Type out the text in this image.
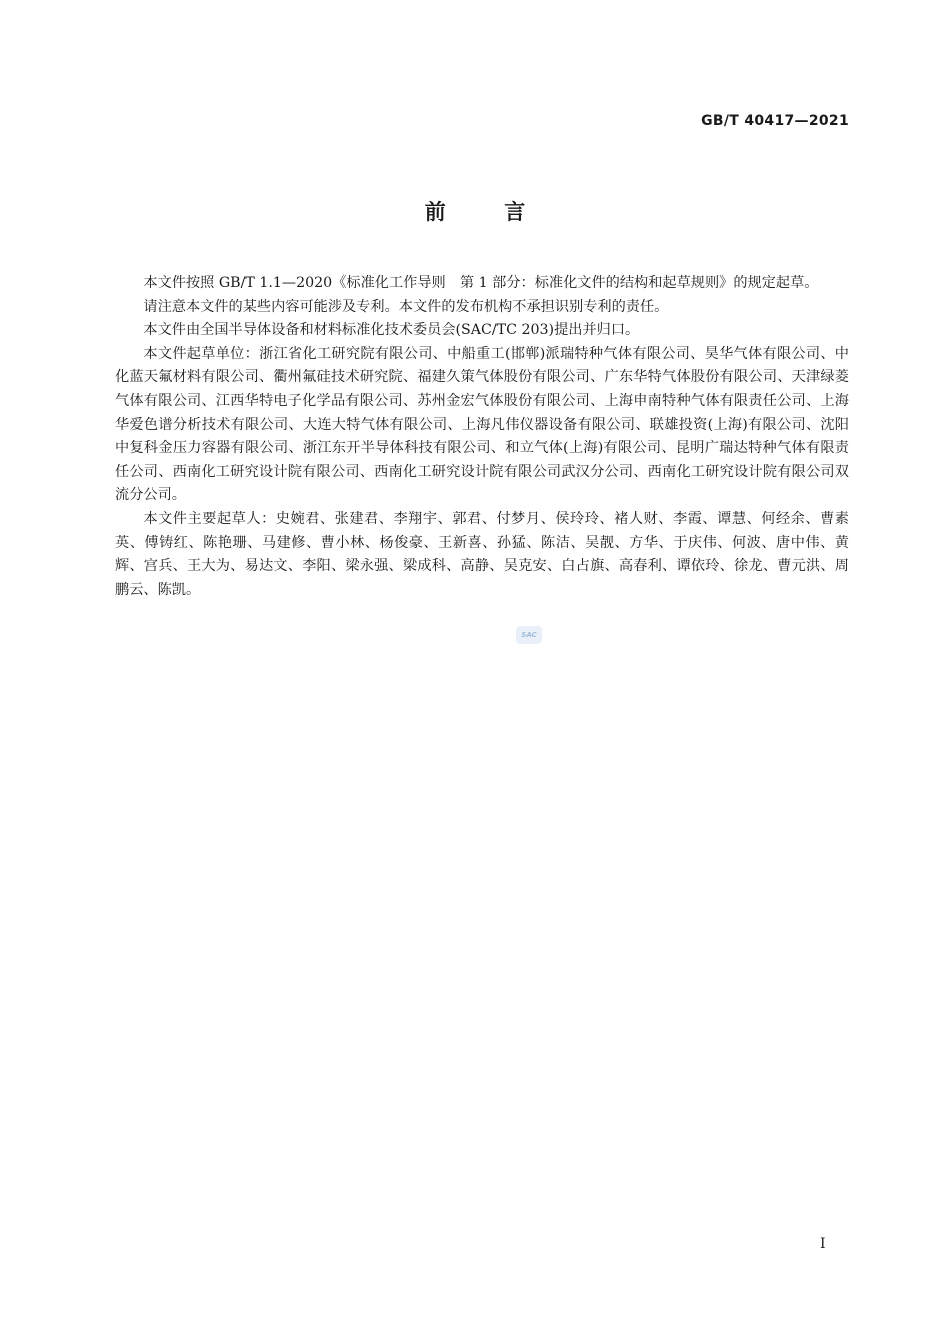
GB/T 40417—2021
前        言

本文件按照 GB/T 1.1—2020《标准化工作导则　第 1 部分：标准化文件的结构和起草规则》的规定起草。

请注意本文件的某些内容可能涉及专利。本文件的发布机构不承担识别专利的责任。

本文件由全国半导体设备和材料标准化技术委员会(SAC/TC 203)提出并归口。

本文件起草单位：浙江省化工研究院有限公司、中船重工(邯郸)派瑞特种气体有限公司、昊华气体有限公司、中化蓝天氟材料有限公司、衢州氟硅技术研究院、福建久策气体股份有限公司、广东华特气体股份有限公司、天津绿菱气体有限公司、江西华特电子化学品有限公司、苏州金宏气体股份有限公司、上海申南特种气体有限责任公司、上海华爱色谱分析技术有限公司、大连大特气体有限公司、上海凡伟仪器设备有限公司、联雄投资(上海)有限公司、沈阳中复科金压力容器有限公司、浙江东开半导体科技有限公司、和立气体(上海)有限公司、昆明广瑞达特种气体有限责任公司、西南化工研究设计院有限公司、西南化工研究设计院有限公司武汉分公司、西南化工研究设计院有限公司双流分公司。

本文件主要起草人：史婉君、张建君、李翔宇、郭君、付梦月、侯玲玲、褚人财、李霞、谭慧、何经余、曹素英、傅铸红、陈艳珊、马建修、曹小林、杨俊豪、王新喜、孙猛、陈洁、吴靓、方华、于庆伟、何波、唐中伟、黄辉、宫兵、王大为、易达文、李阳、梁永强、梁成科、高静、吴克安、白占旗、高春利、谭依玲、徐龙、曹元洪、周鹏云、陈凯。

SAC
I
